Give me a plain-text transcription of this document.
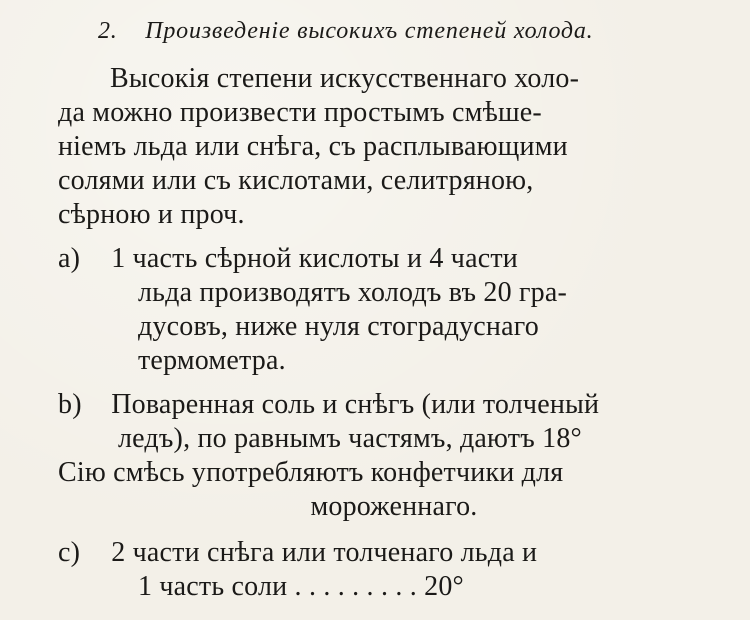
2. Произведеніе высокихъ степеней холода.
Высокія степени искусственнаго холо-
да можно произвести простымъ смѣше-
ніемъ льда или снѣга, съ расплывающими
солями или съ кислотами, селитряною,
сѣрною и проч.
a) 1 часть сѣрной кислоты и 4 части
льда производятъ холодъ въ 20 гра-
дусовъ, ниже нуля стоградуснаго
термометра.
b) Поваренная соль и снѣгъ (или толченый
ледъ), по равнымъ частямъ, даютъ 18°
Сію смѣсь употребляютъ конфетчики для
мороженнаго.
c) 2 части снѣга или толченаго льда и
1 часть соли . . . . . . . . . 20°
